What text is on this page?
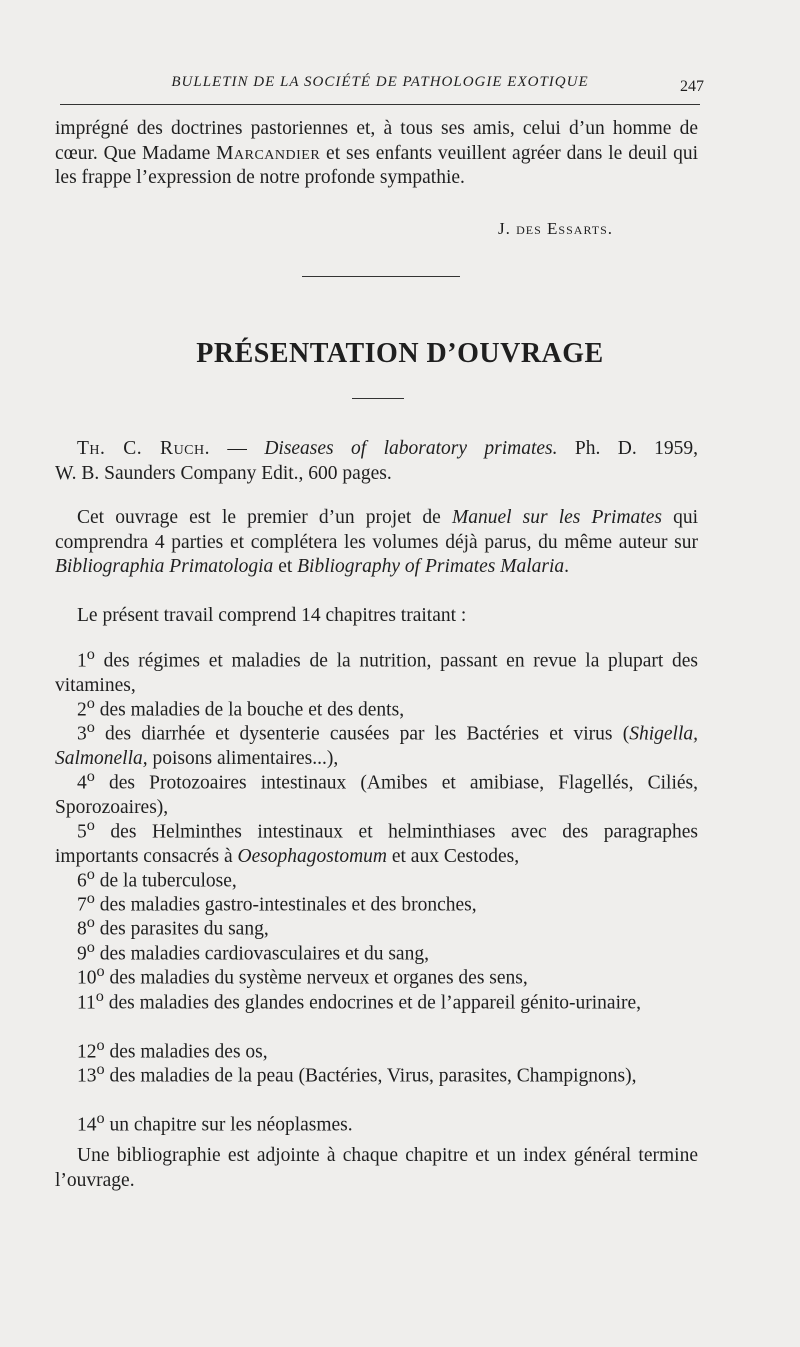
BULLETIN DE LA SOCIÉTÉ DE PATHOLOGIE EXOTIQUE	247
imprégné des doctrines pastoriennes et, à tous ses amis, celui d’un homme de cœur. Que Madame Marcandier et ses enfants veuillent agréer dans le deuil qui les frappe l’expression de notre profonde sympathie.
J. des Essarts.
PRÉSENTATION D’OUVRAGE
Th. C. Ruch. — Diseases of laboratory primates. Ph. D. 1959,
W. B. Saunders Company Edit., 600 pages.
Cet ouvrage est le premier d’un projet de Manuel sur les Primates qui comprendra 4 parties et complétera les volumes déjà parus, du même auteur sur Bibliographia Primatologia et Bibliography of Primates Malaria.
Le présent travail comprend 14 chapitres traitant :
1$^o$ des régimes et maladies de la nutrition, passant en revue la plupart des vitamines,
2$^o$ des maladies de la bouche et des dents,
3$^o$ des diarrhée et dysenterie causées par les Bactéries et virus (Shigella, Salmonella, poisons alimentaires...),
4$^o$ des Protozoaires intestinaux (Amibes et amibiase, Flagellés, Ciliés, Sporozoaires),
5$^o$ des Helminthes intestinaux et helminthiases avec des paragraphes importants consacrés à Oesophagostomum et aux Cestodes,
6$^o$ de la tuberculose,
7$^o$ des maladies gastro-intestinales et des bronches,
8$^o$ des parasites du sang,
9$^o$ des maladies cardiovasculaires et du sang,
10$^o$ des maladies du système nerveux et organes des sens,
11$^o$ des maladies des glandes endocrines et de l’appareil génito-urinaire,
12$^o$ des maladies des os,
13$^o$ des maladies de la peau (Bactéries, Virus, parasites, Champignons),
14$^o$ un chapitre sur les néoplasmes.
Une bibliographie est adjointe à chaque chapitre et un index général termine l’ouvrage.
